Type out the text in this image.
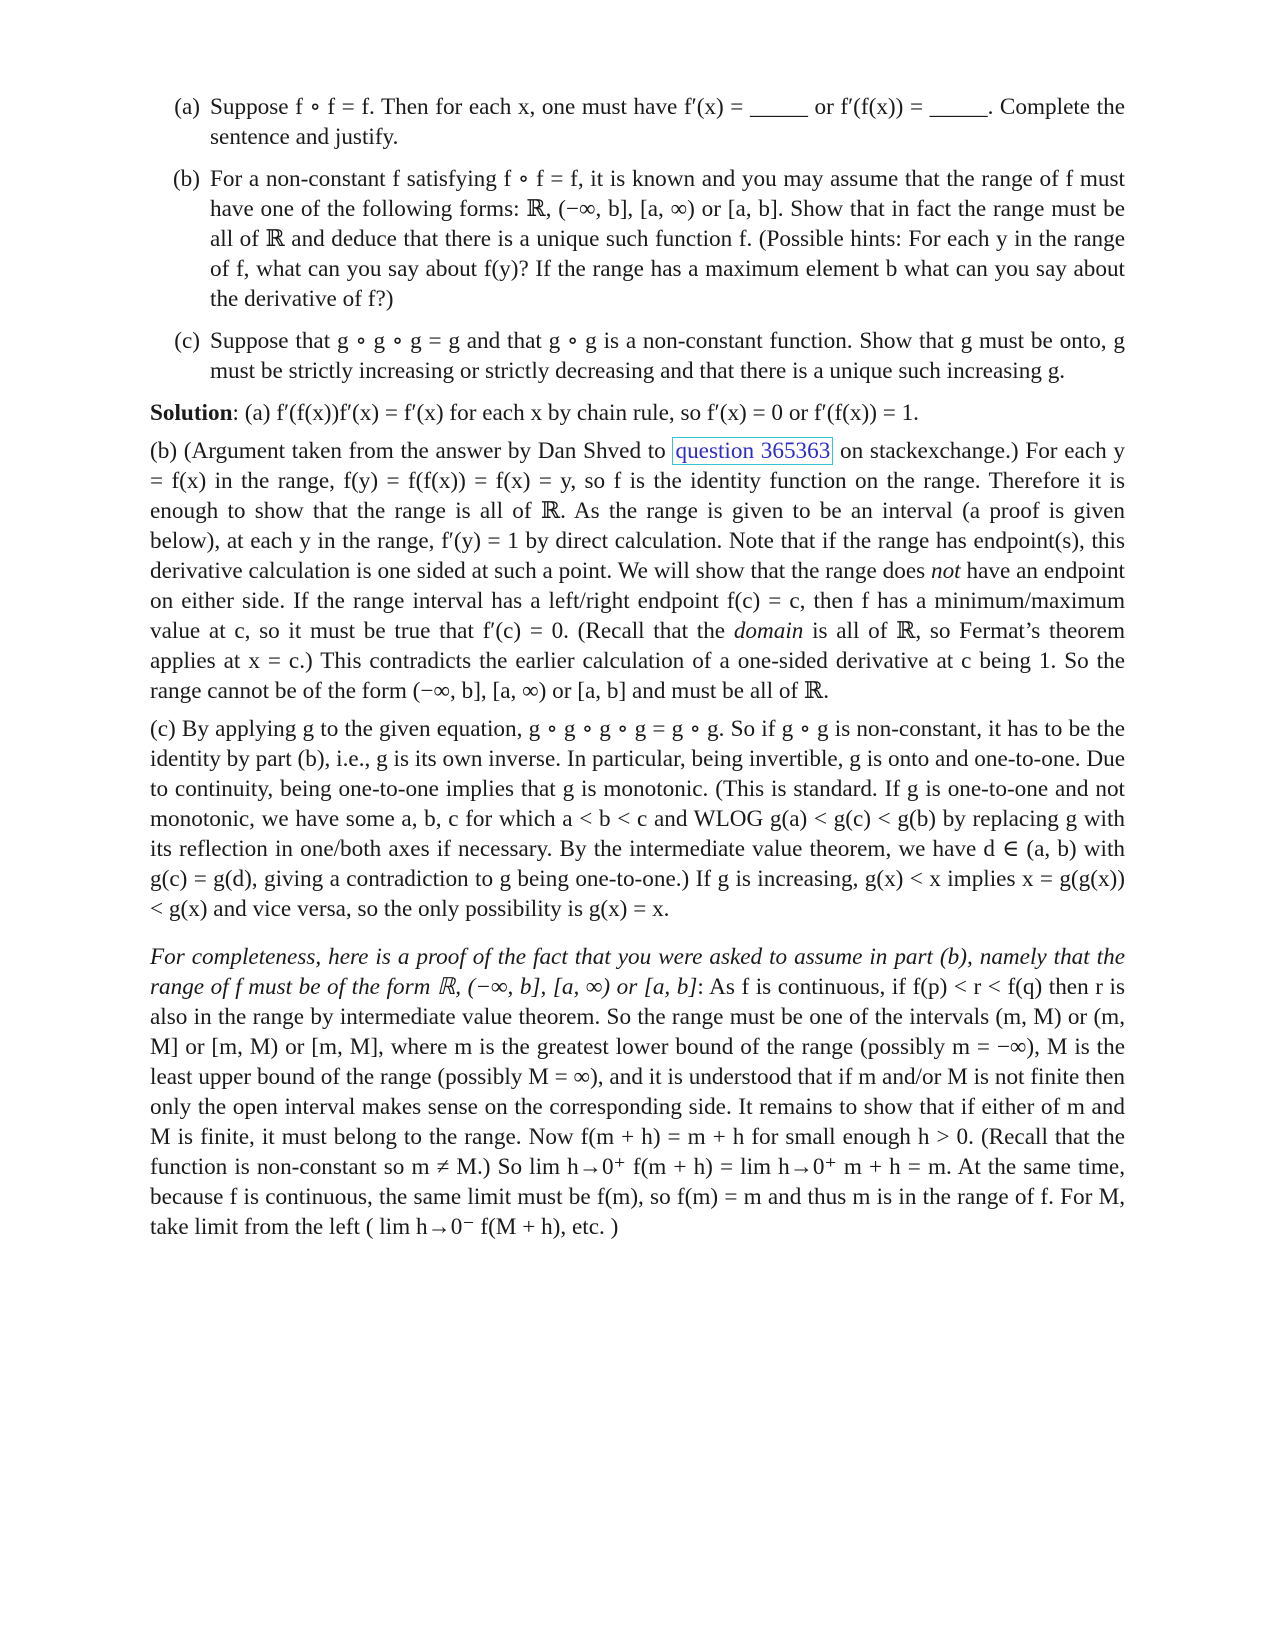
(a) Suppose f ∘ f = f. Then for each x, one must have f′(x) = _____ or f′(f(x)) = _____. Complete the sentence and justify.
(b) For a non-constant f satisfying f ∘ f = f, it is known and you may assume that the range of f must have one of the following forms: ℝ, (−∞, b], [a, ∞) or [a, b]. Show that in fact the range must be all of ℝ and deduce that there is a unique such function f. (Possible hints: For each y in the range of f, what can you say about f(y)? If the range has a maximum element b what can you say about the derivative of f?)
(c) Suppose that g ∘ g ∘ g = g and that g ∘ g is a non-constant function. Show that g must be onto, g must be strictly increasing or strictly decreasing and that there is a unique such increasing g.

Solution: (a) f′(f(x))f′(x) = f′(x) for each x by chain rule, so f′(x) = 0 or f′(f(x)) = 1.

(b) (Argument taken from the answer by Dan Shved to question 365363 on stackexchange.) For each y = f(x) in the range, f(y) = f(f(x)) = f(x) = y, so f is the identity function on the range. Therefore it is enough to show that the range is all of ℝ. As the range is given to be an interval (a proof is given below), at each y in the range, f′(y) = 1 by direct calculation. Note that if the range has endpoint(s), this derivative calculation is one sided at such a point. We will show that the range does not have an endpoint on either side. If the range interval has a left/right endpoint f(c) = c, then f has a minimum/maximum value at c, so it must be true that f′(c) = 0. (Recall that the domain is all of ℝ, so Fermat’s theorem applies at x = c.) This contradicts the earlier calculation of a one-sided derivative at c being 1. So the range cannot be of the form (−∞, b], [a, ∞) or [a, b] and must be all of ℝ.

(c) By applying g to the given equation, g ∘ g ∘ g ∘ g = g ∘ g. So if g ∘ g is non-constant, it has to be the identity by part (b), i.e., g is its own inverse. In particular, being invertible, g is onto and one-to-one. Due to continuity, being one-to-one implies that g is monotonic. (This is standard. If g is one-to-one and not monotonic, we have some a, b, c for which a < b < c and WLOG g(a) < g(c) < g(b) by replacing g with its reflection in one/both axes if necessary. By the intermediate value theorem, we have d ∈ (a, b) with g(c) = g(d), giving a contradiction to g being one-to-one.) If g is increasing, g(x) < x implies x = g(g(x)) < g(x) and vice versa, so the only possibility is g(x) = x.

For completeness, here is a proof of the fact that you were asked to assume in part (b), namely that the range of f must be of the form ℝ, (−∞, b], [a, ∞) or [a, b]: As f is continuous, if f(p) < r < f(q) then r is also in the range by intermediate value theorem. So the range must be one of the intervals (m, M) or (m, M] or [m, M) or [m, M], where m is the greatest lower bound of the range (possibly m = −∞), M is the least upper bound of the range (possibly M = ∞), and it is understood that if m and/or M is not finite then only the open interval makes sense on the corresponding side. It remains to show that if either of m and M is finite, it must belong to the range. Now f(m + h) = m + h for small enough h > 0. (Recall that the function is non-constant so m ≠ M.) So lim h→0⁺ f(m + h) = lim h→0⁺ m + h = m. At the same time, because f is continuous, the same limit must be f(m), so f(m) = m and thus m is in the range of f. For M, take limit from the left ( lim h→0⁻ f(M + h), etc. )
